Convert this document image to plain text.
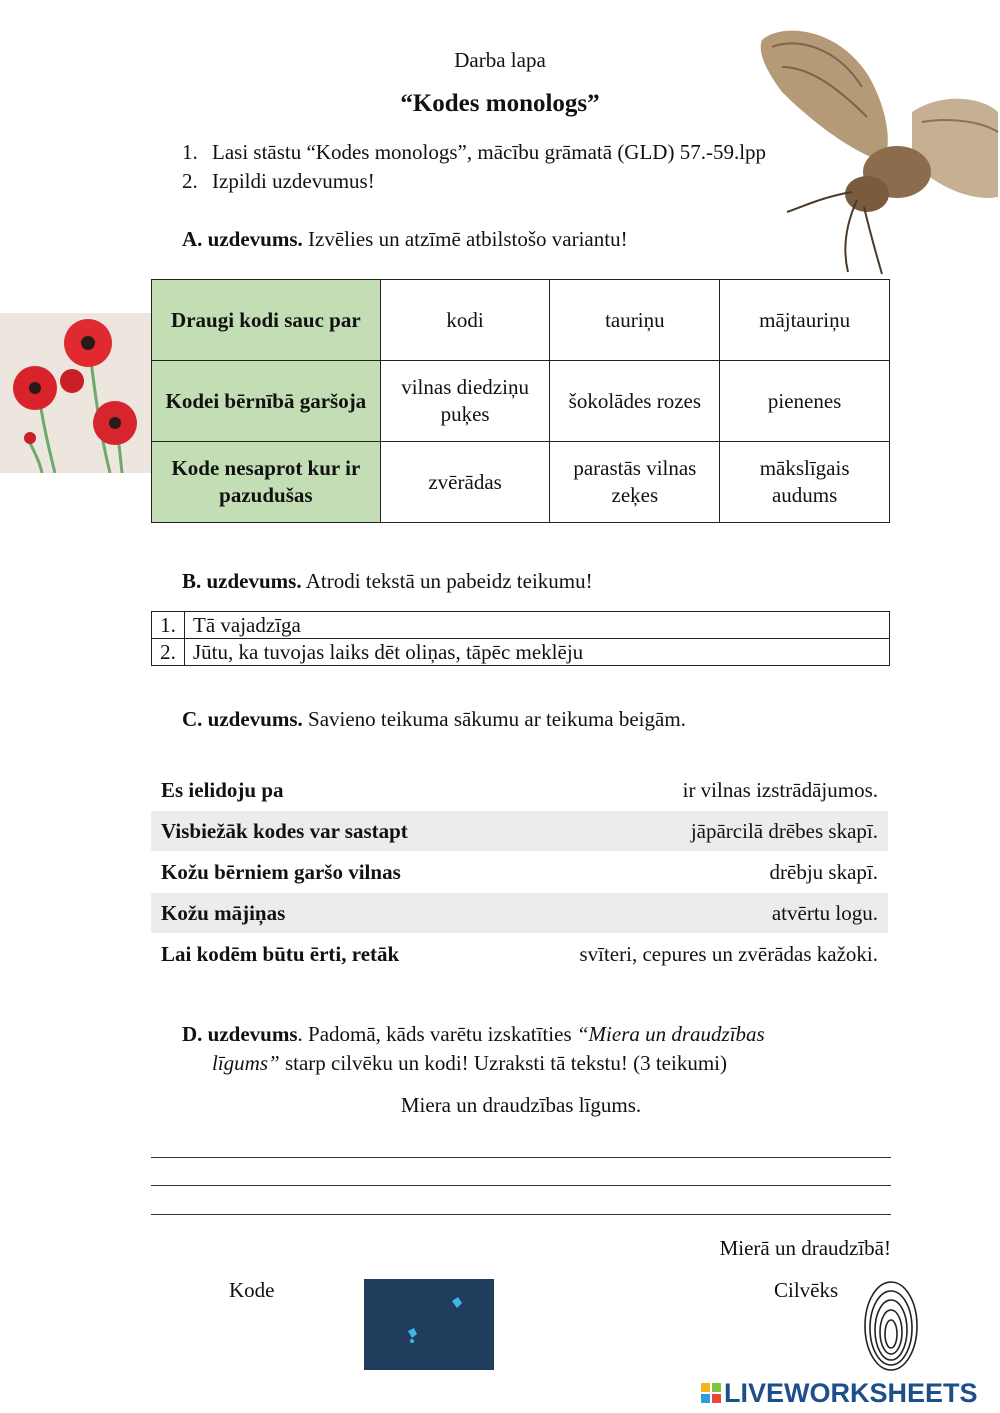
Darba lapa
“Kodes monologs”
1. Lasi stāstu “Kodes monologs”, mācību grāmatā (GLD) 57.-59.lpp
2. Izpildi uzdevumus!
A. uzdevums. Izvēlies un atzīmē atbilstošo variantu!
Draugi kodi sauc par	kodi	tauriņu	mājtauriņu
Kodei bērnībā garšoja	vilnas diedziņu puķes	šokolādes rozes	pienenes
Kode nesaprot kur ir pazudušas	zvērādas	parastās vilnas zeķes	mākslīgais audums
B. uzdevums. Atrodi tekstā un pabeidz teikumu!
1.	Tā vajadzīga
2.	Jūtu, ka tuvojas laiks dēt oliņas, tāpēc meklēju
C. uzdevums. Savieno teikuma sākumu ar teikuma beigām.
Es ielidoju pa	ir vilnas izstrādājumos.
Visbiežāk kodes var sastapt	jāpārcilā drēbes skapī.
Kožu bērniem garšo vilnas	drēbju skapī.
Kožu mājiņas	atvērtu logu.
Lai kodēm būtu ērti, retāk	svīteri, cepures un zvērādas kažoki.
D. uzdevums. Padomā, kāds varētu izskatīties “Miera un draudzības
līgums” starp cilvēku un kodi! Uzraksti tā tekstu! (3 teikumi)
Miera un draudzības līgums.
Mierā un draudzībā!
Kode	Cilvēks
LIVEWORKSHEETS
